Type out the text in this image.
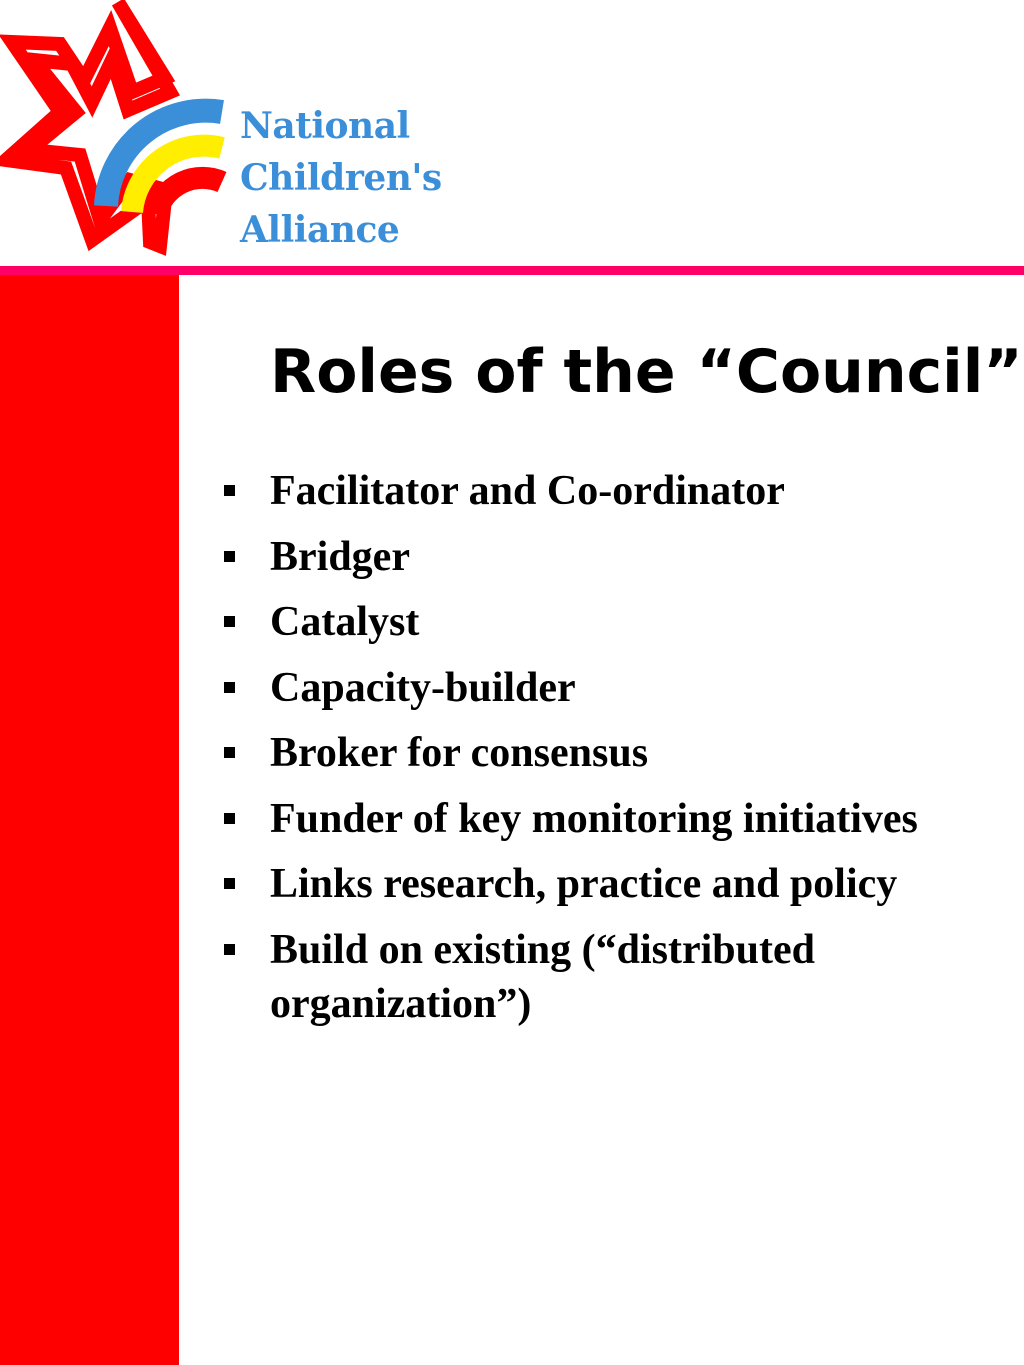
National
Children's
Alliance
Roles of the “Council”
Facilitator and Co-ordinator
Bridger
Catalyst
Capacity-builder
Broker for consensus
Funder of key monitoring initiatives
Links research, practice and policy
Build on existing (“distributed organization”)
